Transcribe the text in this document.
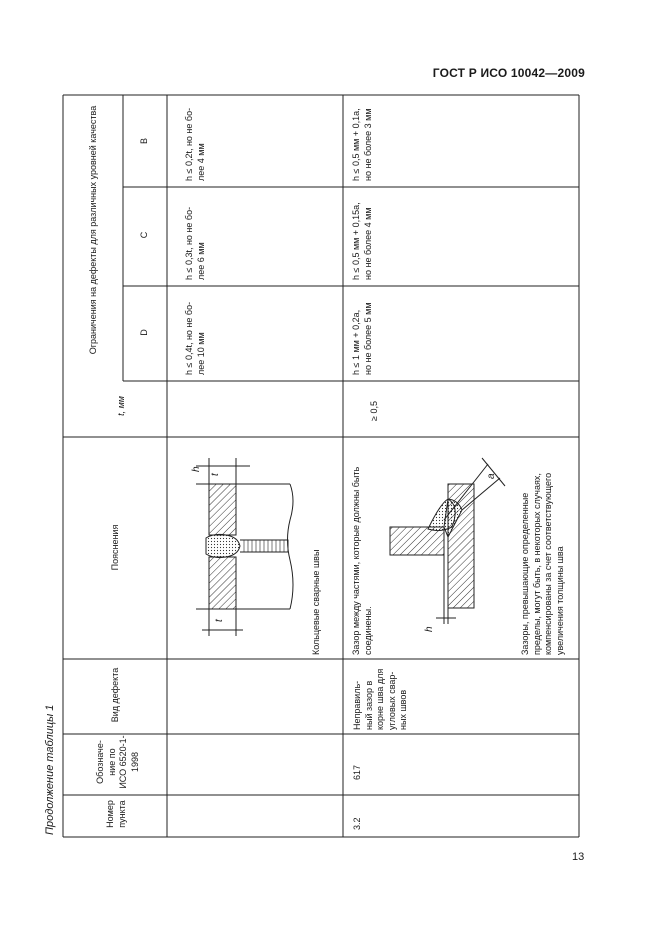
ГОСТ Р ИСО 10042—2009
13
Продолжение таблицы 1
Ограничения на дефекты для различных уровней качества	B
C
D
t, мм
Пояснения
Вид дефекта
Обозначе- ние по ИСО 6520-1- 1998
Номер пункта
h ≤ 0,2t, но не бо- лее 4 мм
h ≤ 0,3t, но не бо- лее 6 мм
h ≤ 0,4t, но не бо- лее 10 мм
Кольцевые сварные швы
h ≤ 0,5 мм + 0,1a, но не более 3 мм
h ≤ 0,5 мм + 0,15a, но не более 4 мм
h ≤ 1 мм + 0,2a, но не более 5 мм
≥ 0,5
Зазор между частями, которые должны быть соединены.	Зазоры, превышающие определенные пределы, могут быть, в некоторых случаях, компенсированы за счет соответствующего увеличения толщины шва
Неправиль- ный зазор в корне шва для угловых свар- ных швов
617
3.2
h
t
t
h
a
